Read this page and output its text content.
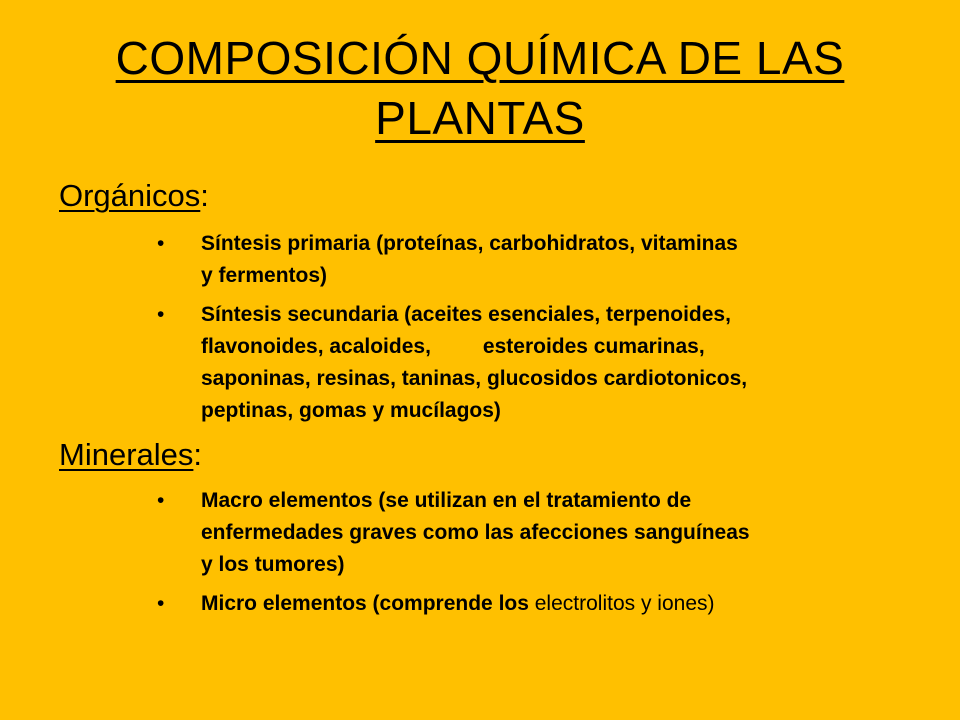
COMPOSICIÓN QUÍMICA DE LAS
PLANTAS
Orgánicos:
• Síntesis primaria (proteínas, carbohidratos, vitaminas
y fermentos)
• Síntesis secundaria (aceites esenciales, terpenoides,
flavonoides, acaloides, esteroides cumarinas,
saponinas, resinas, taninas, glucosidos cardiotonicos,
peptinas, gomas y mucílagos)
Minerales:
• Macro elementos (se utilizan en el tratamiento de
enfermedades graves como las afecciones sanguíneas
y los tumores)
• Micro elementos (comprende los electrolitos y iones)
